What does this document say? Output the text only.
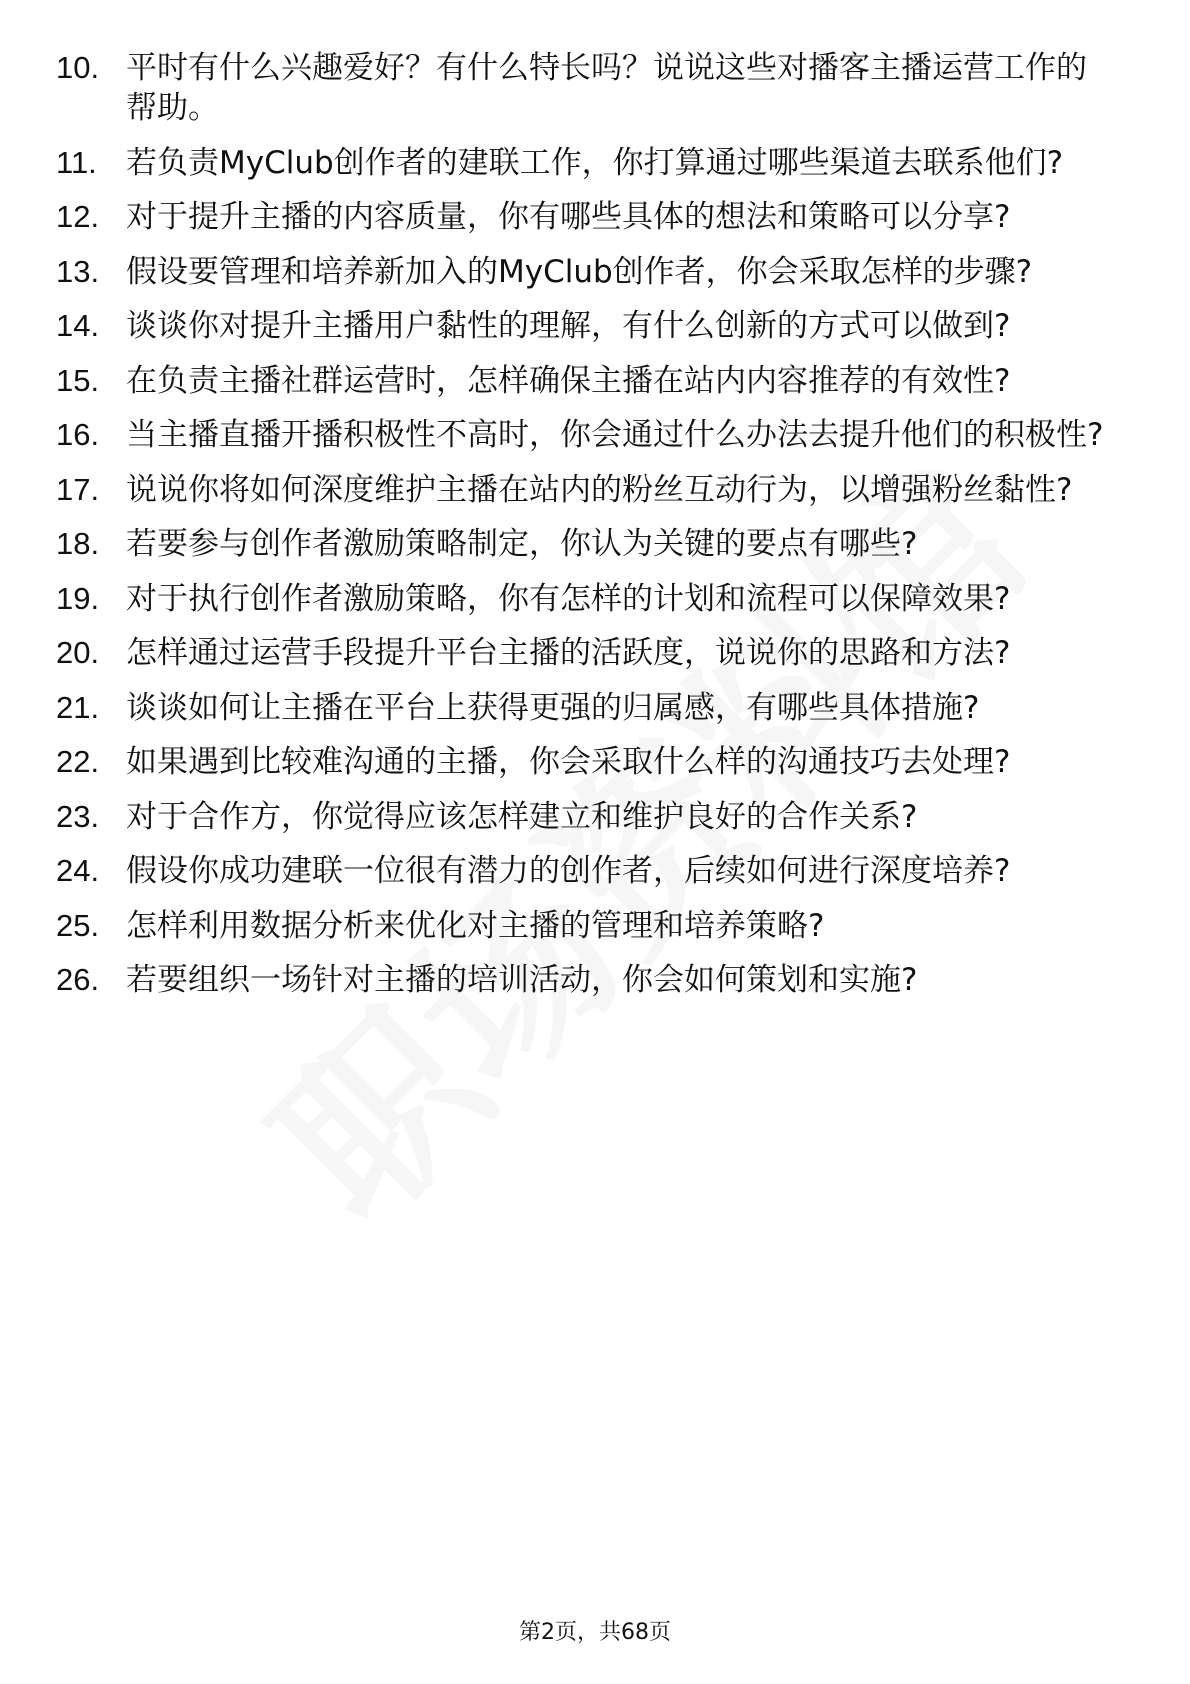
10. 平时有什么兴趣爱好？有什么特长吗？说说这些对播客主播运营工作的帮助。
11. 若负责MyClub创作者的建联工作，你打算通过哪些渠道去联系他们?
12. 对于提升主播的内容质量，你有哪些具体的想法和策略可以分享?
13. 假设要管理和培养新加入的MyClub创作者，你会采取怎样的步骤?
14. 谈谈你对提升主播用户黏性的理解，有什么创新的方式可以做到?
15. 在负责主播社群运营时，怎样确保主播在站内内容推荐的有效性?
16. 当主播直播开播积极性不高时，你会通过什么办法去提升他们的积极性?
17. 说说你将如何深度维护主播在站内的粉丝互动行为，以增强粉丝黏性?
18. 若要参与创作者激励策略制定，你认为关键的要点有哪些?
19. 对于执行创作者激励策略，你有怎样的计划和流程可以保障效果?
20. 怎样通过运营手段提升平台主播的活跃度，说说你的思路和方法?
21. 谈谈如何让主播在平台上获得更强的归属感，有哪些具体措施?
22. 如果遇到比较难沟通的主播，你会采取什么样的沟通技巧去处理?
23. 对于合作方，你觉得应该怎样建立和维护良好的合作关系?
24. 假设你成功建联一位很有潜力的创作者，后续如何进行深度培养?
25. 怎样利用数据分析来优化对主播的管理和培养策略?
26. 若要组织一场针对主播的培训活动，你会如何策划和实施?
第2页，共68页
